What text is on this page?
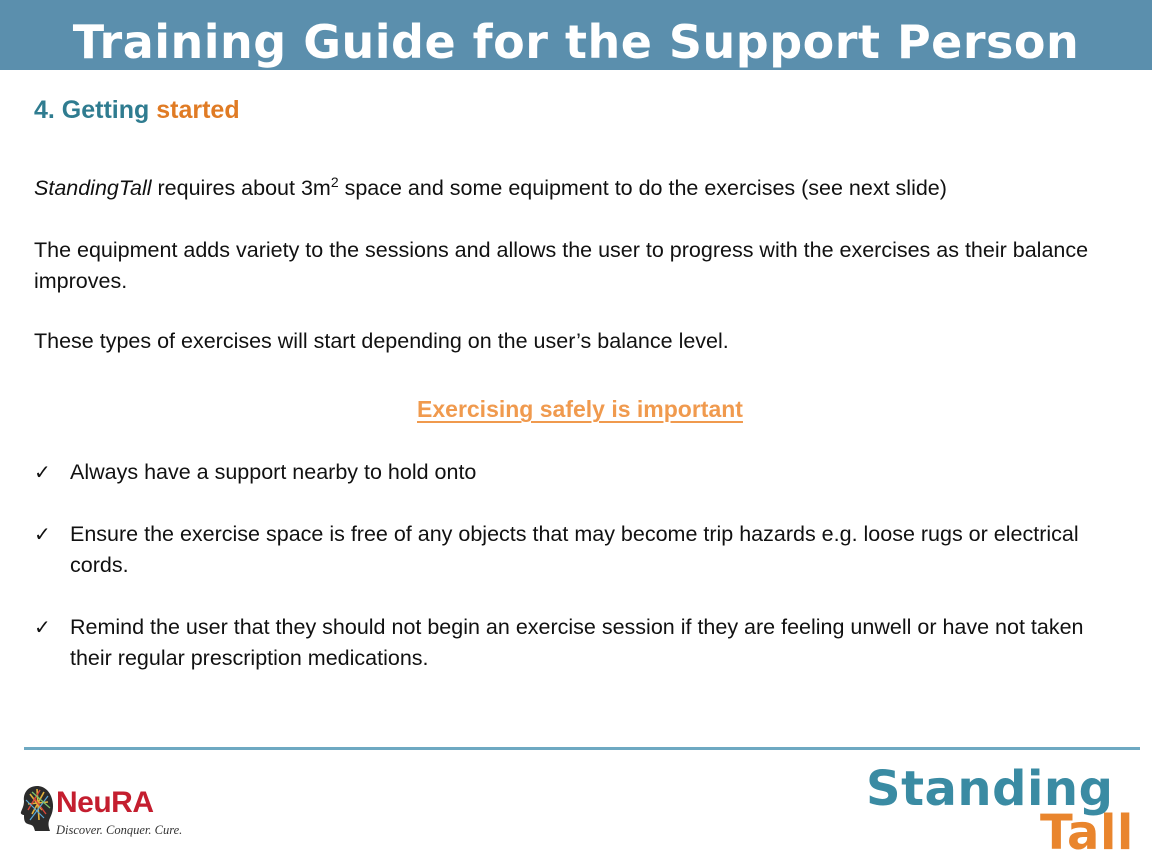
Training Guide for the Support Person
4. Getting started

StandingTall requires about $3m^2$ space and some equipment to do the exercises (see next slide)

The equipment adds variety to the sessions and allows the user to progress with the exercises as their balance improves.

These types of exercises will start depending on the user’s balance level.

Exercising safely is important
✓ Always have a support nearby to hold onto
✓ Ensure the exercise space is free of any objects that may become trip hazards e.g. loose rugs or electrical cords.
✓ Remind the user that they should not begin an exercise session if they are feeling unwell or have not taken their regular prescription medications.

NeuRA

Discover. Conquer. Cure.

Standing

Tall
